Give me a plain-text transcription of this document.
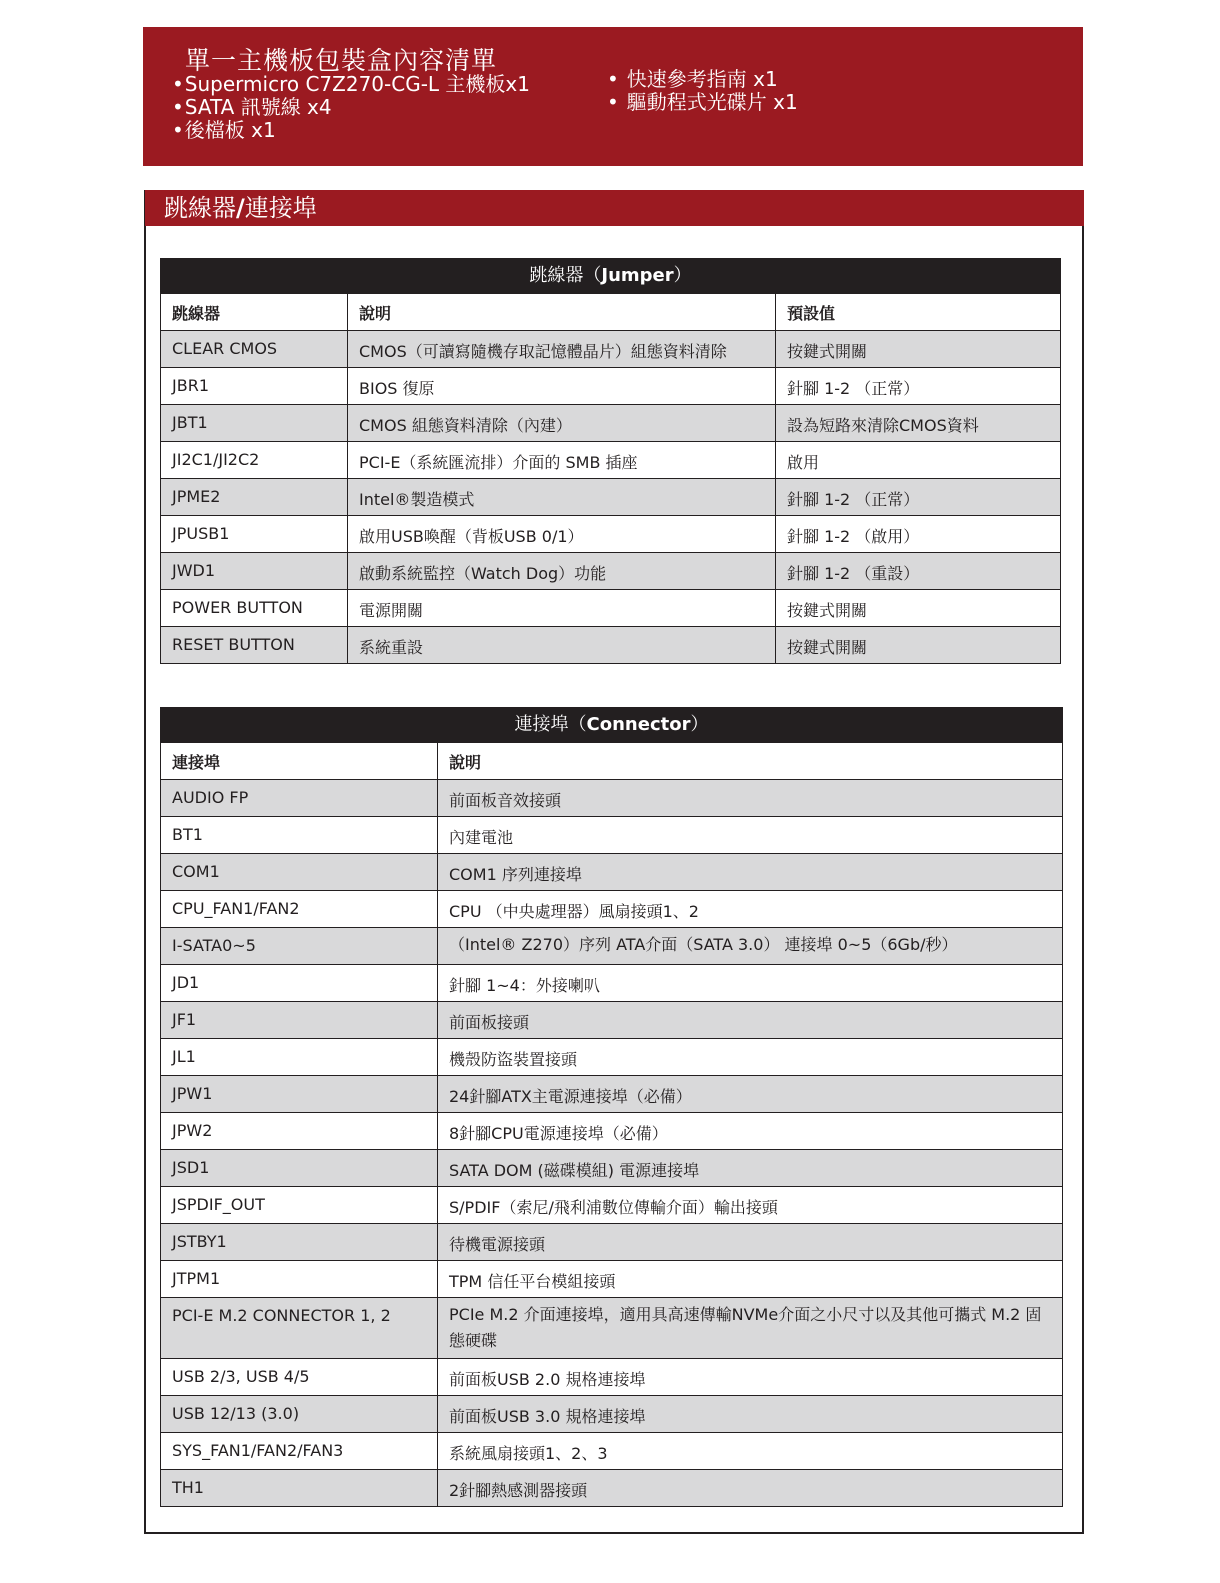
單一主機板包裝盒內容清單
• Supermicro C7Z270-CG-L 主機板x1
• SATA 訊號線 x4
• 後檔板 x1
• 快速參考指南 x1
• 驅動程式光碟片 x1
跳線器/連接埠
跳線器（Jumper）
跳線器	說明	預設值
CLEAR CMOS	CMOS（可讀寫隨機存取記憶體晶片）組態資料清除	按鍵式開關
JBR1	BIOS 復原	針腳 1-2 （正常）
JBT1	CMOS 組態資料清除（內建）	設為短路來清除CMOS資料
JI2C1/JI2C2	PCI-E（系統匯流排）介面的 SMB 插座	啟用
JPME2	Intel®製造模式	針腳 1-2 （正常）
JPUSB1	啟用USB喚醒（背板USB 0/1）	針腳 1-2 （啟用）
JWD1	啟動系統監控（Watch Dog）功能	針腳 1-2 （重設）
POWER BUTTON	電源開關	按鍵式開關
RESET BUTTON	系統重設	按鍵式開關
連接埠（Connector）
連接埠	說明
AUDIO FP	前面板音效接頭
BT1	內建電池
COM1	COM1 序列連接埠
CPU_FAN1/FAN2	CPU （中央處理器）風扇接頭1、2
I-SATA0~5	（Intel® Z270）序列 ATA介面（SATA 3.0） 連接埠 0~5（6Gb/秒）
JD1	針腳 1~4：外接喇叭
JF1	前面板接頭
JL1	機殼防盜裝置接頭
JPW1	24針腳ATX主電源連接埠（必備）
JPW2	8針腳CPU電源連接埠（必備）
JSD1	SATA DOM (磁碟模組) 電源連接埠
JSPDIF_OUT	S/PDIF（索尼/飛利浦數位傳輸介面）輸出接頭
JSTBY1	待機電源接頭
JTPM1	TPM 信任平台模組接頭
PCI-E M.2 CONNECTOR 1, 2	PCIe M.2 介面連接埠，適用具高速傳輸NVMe介面之小尺寸以及其他可攜式 M.2 固態硬碟
USB 2/3, USB 4/5	前面板USB 2.0 規格連接埠
USB 12/13 (3.0)	前面板USB 3.0 規格連接埠
SYS_FAN1/FAN2/FAN3	系統風扇接頭1、2、3
TH1	2針腳熱感測器接頭
